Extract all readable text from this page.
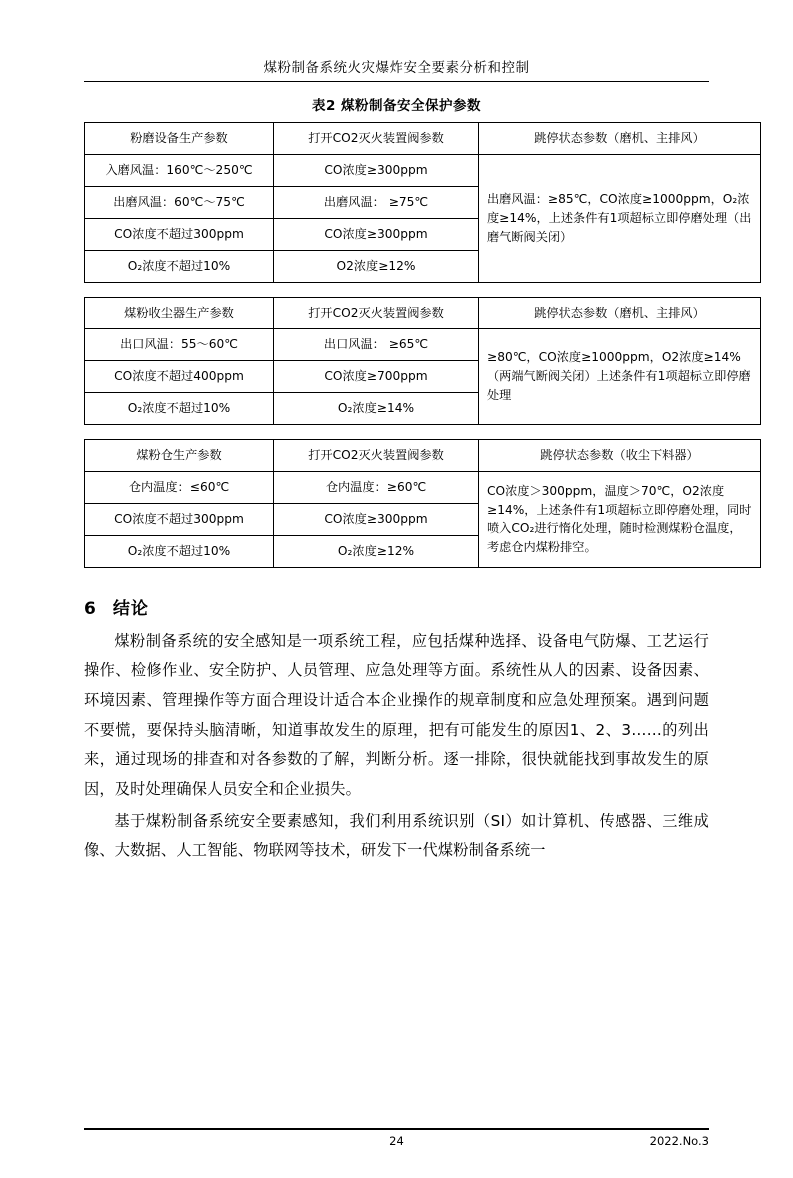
煤粉制备系统火灾爆炸安全要素分析和控制
表2 煤粉制备安全保护参数
粉磨设备生产参数	打开CO2灭火装置阀参数	跳停状态参数（磨机、主排风）
入磨风温：160℃～250℃	CO浓度≥300ppm	出磨风温：≥85℃，CO浓度≥1000ppm，O₂浓度≥14%，上述条件有1项超标立即停磨处理（出磨气断阀关闭）
出磨风温：60℃～75℃	出磨风温： ≥75℃	
CO浓度不超过300ppm	CO浓度≥300ppm	
O₂浓度不超过10%	O2浓度≥12%	
煤粉收尘器生产参数	打开CO2灭火装置阀参数	跳停状态参数（磨机、主排风）
出口风温：55～60℃	出口风温： ≥65℃	≥80℃，CO浓度≥1000ppm，O2浓度≥14%（两端气断阀关闭）上述条件有1项超标立即停磨处理
CO浓度不超过400ppm	CO浓度≥700ppm	
O₂浓度不超过10%	O₂浓度≥14%	
煤粉仓生产参数	打开CO2灭火装置阀参数	跳停状态参数（收尘下料器）
仓内温度：≤60℃	仓内温度：≥60℃	CO浓度＞300ppm，温度＞70℃，O2浓度≥14%，上述条件有1项超标立即停磨处理，同时喷入CO₂进行惰化处理，随时检测煤粉仓温度，考虑仓内煤粉排空。
CO浓度不超过300ppm	CO浓度≥300ppm	
O₂浓度不超过10%	O₂浓度≥12%	
6 结论

煤粉制备系统的安全感知是一项系统工程，应包括煤种选择、设备电气防爆、工艺运行操作、检修作业、安全防护、人员管理、应急处理等方面。系统性从人的因素、设备因素、环境因素、管理操作等方面合理设计适合本企业操作的规章制度和应急处理预案。遇到问题不要慌，要保持头脑清晰，知道事故发生的原理，把有可能发生的原因1、2、3……的列出来，通过现场的排查和对各参数的了解，判断分析。逐一排除，很快就能找到事故发生的原因，及时处理确保人员安全和企业损失。

基于煤粉制备系统安全要素感知，我们利用系统识别（SI）如计算机、传感器、三维成像、大数据、人工智能、物联网等技术，研发下一代煤粉制备系统一

24	2022.No.3
